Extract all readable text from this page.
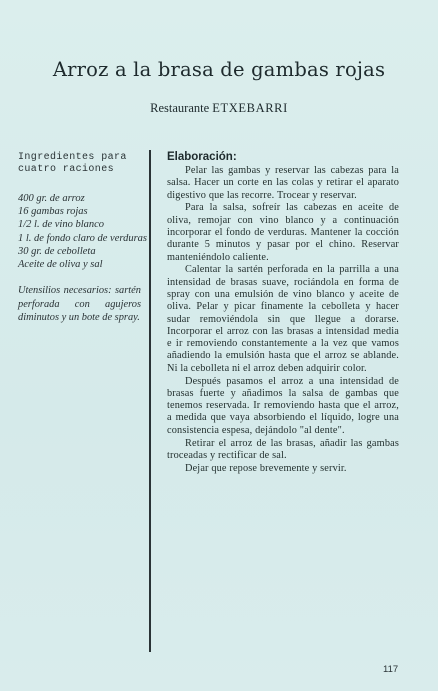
Arroz a la brasa de gambas rojas
Restaurante ETXEBARRI
Ingredientes para
cuatro raciones
400 gr. de arroz
16 gambas rojas
1/2 l. de vino blanco
1 l. de fondo claro de verduras
30 gr. de cebolleta
Aceite de oliva y sal
Utensilios necesarios: sartén perforada con agujeros diminutos y un bote de spray.
Elaboración:

Pelar las gambas y reservar las cabezas para la salsa. Hacer un corte en las colas y retirar el aparato digestivo que las recorre. Trocear y reservar.

Para la salsa, sofreír las cabezas en aceite de oliva, remojar con vino blanco y a continuación incorporar el fondo de verduras. Mantener la cocción durante 5 minutos y pasar por el chino. Reservar manteniéndolo caliente.

Calentar la sartén perforada en la parrilla a una intensidad de brasas suave, rociándola en forma de spray con una emulsión de vino blanco y aceite de oliva. Pelar y picar finamente la cebolleta y hacer sudar removiéndola sin que llegue a dorarse. Incorporar el arroz con las brasas a intensidad media e ir removiendo constantemente a la vez que vamos añadiendo la emulsión hasta que el arroz se ablande. Ni la cebolleta ni el arroz deben adquirir color.

Después pasamos el arroz a una intensidad de brasas fuerte y añadimos la salsa de gambas que tenemos reservada. Ir removiendo hasta que el arroz, a medida que vaya absorbiendo el líquido, logre una consistencia espesa, dejándolo "al dente".

Retirar el arroz de las brasas, añadir las gambas troceadas y rectificar de sal.

Dejar que repose brevemente y servir.

117
